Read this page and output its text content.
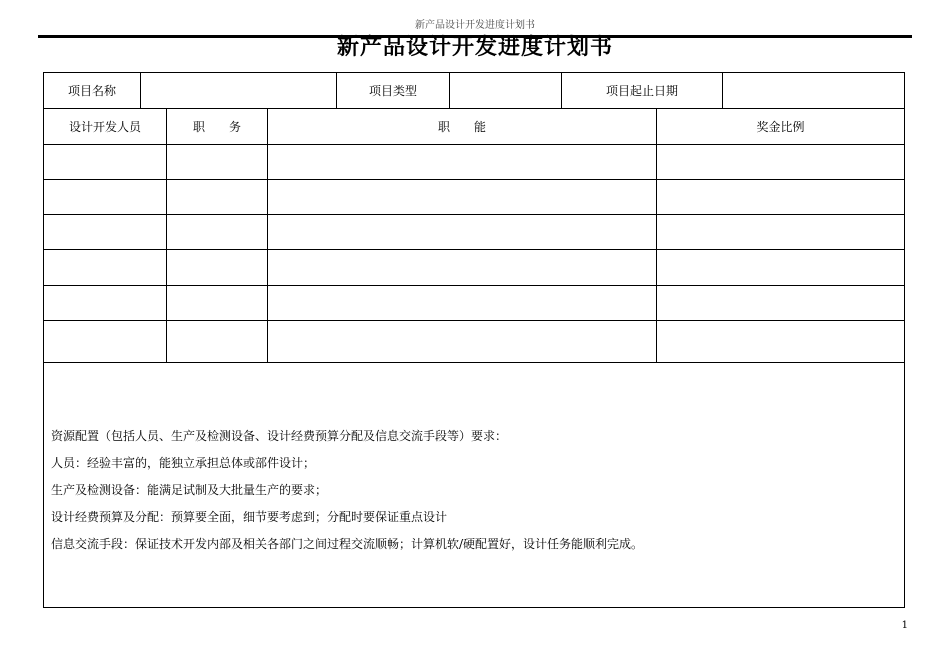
新产品设计开发进度计划书
新产品设计开发进度计划书
项目名称	项目类型	项目起止日期
设计开发人员	职　　务	职　　能	奖金比例
资源配置（包括人员、生产及检测设备、设计经费预算分配及信息交流手段等）要求：
人员：经验丰富的，能独立承担总体或部件设计；
生产及检测设备：能满足试制及大批量生产的要求；
设计经费预算及分配：预算要全面，细节要考虑到；分配时要保证重点设计
信息交流手段：保证技术开发内部及相关各部门之间过程交流顺畅；计算机软/硬配置好，设计任务能顺利完成。
1
